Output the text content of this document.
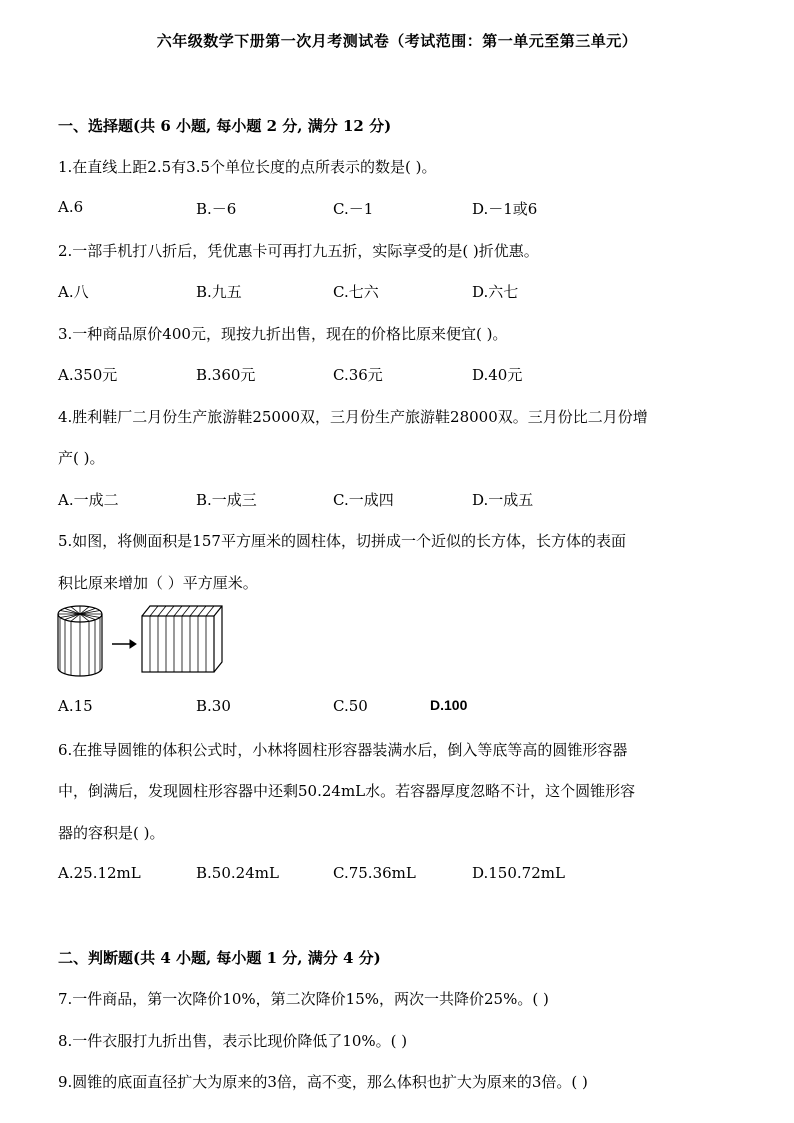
六年级数学下册第一次月考测试卷（考试范围：第一单元至第三单元）
一、选择题(共 6 小题, 每小题 2 分, 满分 12 分)
1.在直线上距2.5有3.5个单位长度的点所表示的数是( )。
A.6	B.－6	C.－1	D.－1或6
2.一部手机打八折后，凭优惠卡可再打九五折，实际享受的是( )折优惠。
A.八	B.九五	C.七六	D.六七
3.一种商品原价400元，现按九折出售，现在的价格比原来便宜( )。
A.350元	B.360元	C.36元	D.40元
4.胜利鞋厂二月份生产旅游鞋25000双，三月份生产旅游鞋28000双。三月份比二月份增
产( )。
A.一成二	B.一成三	C.一成四	D.一成五
5.如图，将侧面积是157平方厘米的圆柱体，切拼成一个近似的长方体，长方体的表面
积比原来增加（ ）平方厘米。
A.15	B.30	C.50	D.100
6.在推导圆锥的体积公式时，小林将圆柱形容器装满水后，倒入等底等高的圆锥形容器
中，倒满后，发现圆柱形容器中还剩50.24mL水。若容器厚度忽略不计，这个圆锥形容
器的容积是( )。
A.25.12mL	B.50.24mL	C.75.36mL	D.150.72mL
二、判断题(共 4 小题, 每小题 1 分, 满分 4 分)
7.一件商品，第一次降价10%，第二次降价15%，两次一共降价25%。( )
8.一件衣服打九折出售，表示比现价降低了10%。( )
9.圆锥的底面直径扩大为原来的3倍，高不变，那么体积也扩大为原来的3倍。( )
